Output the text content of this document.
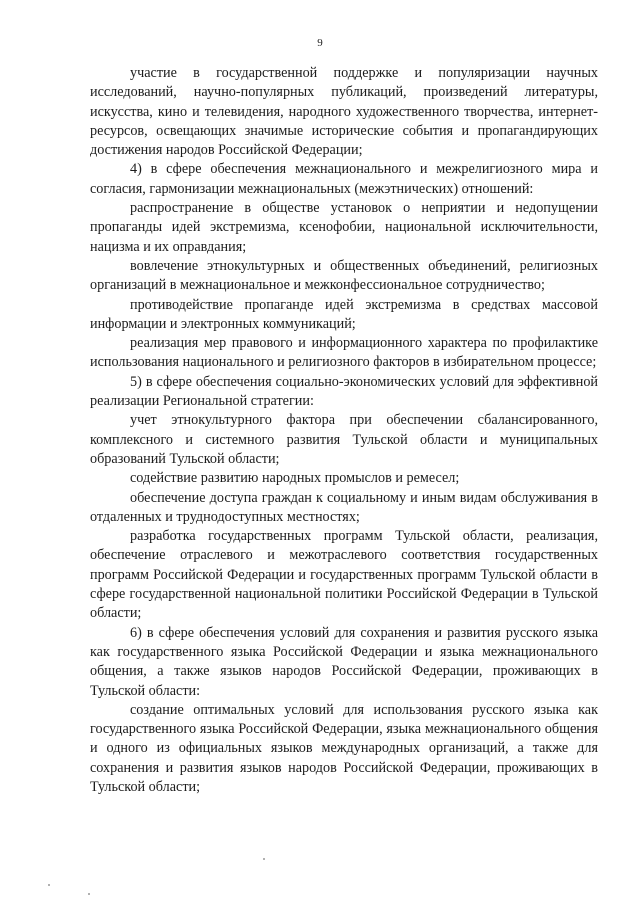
9

участие в государственной поддержке и популяризации научных исследований, научно-популярных публикаций, произведений литературы, искусства, кино и телевидения, народного художественного творчества, интернет-ресурсов, освещающих значимые исторические события и пропагандирующих достижения народов Российской Федерации;

4) в сфере обеспечения межнационального и межрелигиозного мира и согласия, гармонизации межнациональных (межэтнических) отношений:

распространение в обществе установок о неприятии и недопущении пропаганды идей экстремизма, ксенофобии, национальной исключительности, нацизма и их оправдания;

вовлечение этнокультурных и общественных объединений, религиозных организаций в межнациональное и межконфессиональное сотрудничество;

противодействие пропаганде идей экстремизма в средствах массовой информации и электронных коммуникаций;

реализация мер правового и информационного характера по профилактике использования национального и религиозного факторов в избирательном процессе;

5) в сфере обеспечения социально-экономических условий для эффективной реализации Региональной стратегии:

учет этнокультурного фактора при обеспечении сбалансированного, комплексного и системного развития Тульской области и муниципальных образований Тульской области;

содействие развитию народных промыслов и ремесел;

обеспечение доступа граждан к социальному и иным видам обслуживания в отдаленных и труднодоступных местностях;

разработка государственных программ Тульской области, реализация, обеспечение отраслевого и межотраслевого соответствия государственных программ Российской Федерации и государственных программ Тульской области в сфере государственной национальной политики Российской Федерации в Тульской области;

6) в сфере обеспечения условий для сохранения и развития русского языка как государственного языка Российской Федерации и языка межнационального общения, а также языков народов Российской Федерации, проживающих в Тульской области:

создание оптимальных условий для использования русского языка как государственного языка Российской Федерации, языка межнационального общения и одного из официальных языков международных организаций, а также для сохранения и развития языков народов Российской Федерации, проживающих в Тульской области;
